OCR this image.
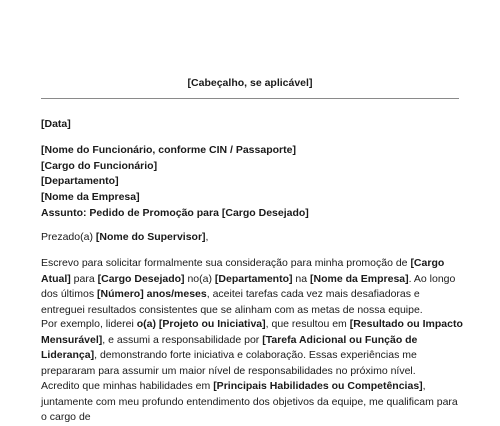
[Cabeçalho, se aplicável]
[Data]

[Nome do Funcionário, conforme CIN / Passaporte]

[Cargo do Funcionário]

[Departamento]

[Nome da Empresa]

Assunto: Pedido de Promoção para [Cargo Desejado]
Prezado(a) [Nome do Supervisor],
Escrevo para solicitar formalmente sua consideração para minha promoção de [Cargo Atual] para [Cargo Desejado] no(a) [Departamento] na [Nome da Empresa]. Ao longo dos últimos [Número] anos/meses, aceitei tarefas cada vez mais desafiadoras e entreguei resultados consistentes que se alinham com as metas de nossa equipe.
Por exemplo, liderei o(a) [Projeto ou Iniciativa], que resultou em [Resultado ou Impacto Mensurável], e assumi a responsabilidade por [Tarefa Adicional ou Função de Liderança], demonstrando forte iniciativa e colaboração. Essas experiências me prepararam para assumir um maior nível de responsabilidades no próximo nível.
Acredito que minhas habilidades em [Principais Habilidades ou Competências], juntamente com meu profundo entendimento dos objetivos da equipe, me qualificam para o cargo de
